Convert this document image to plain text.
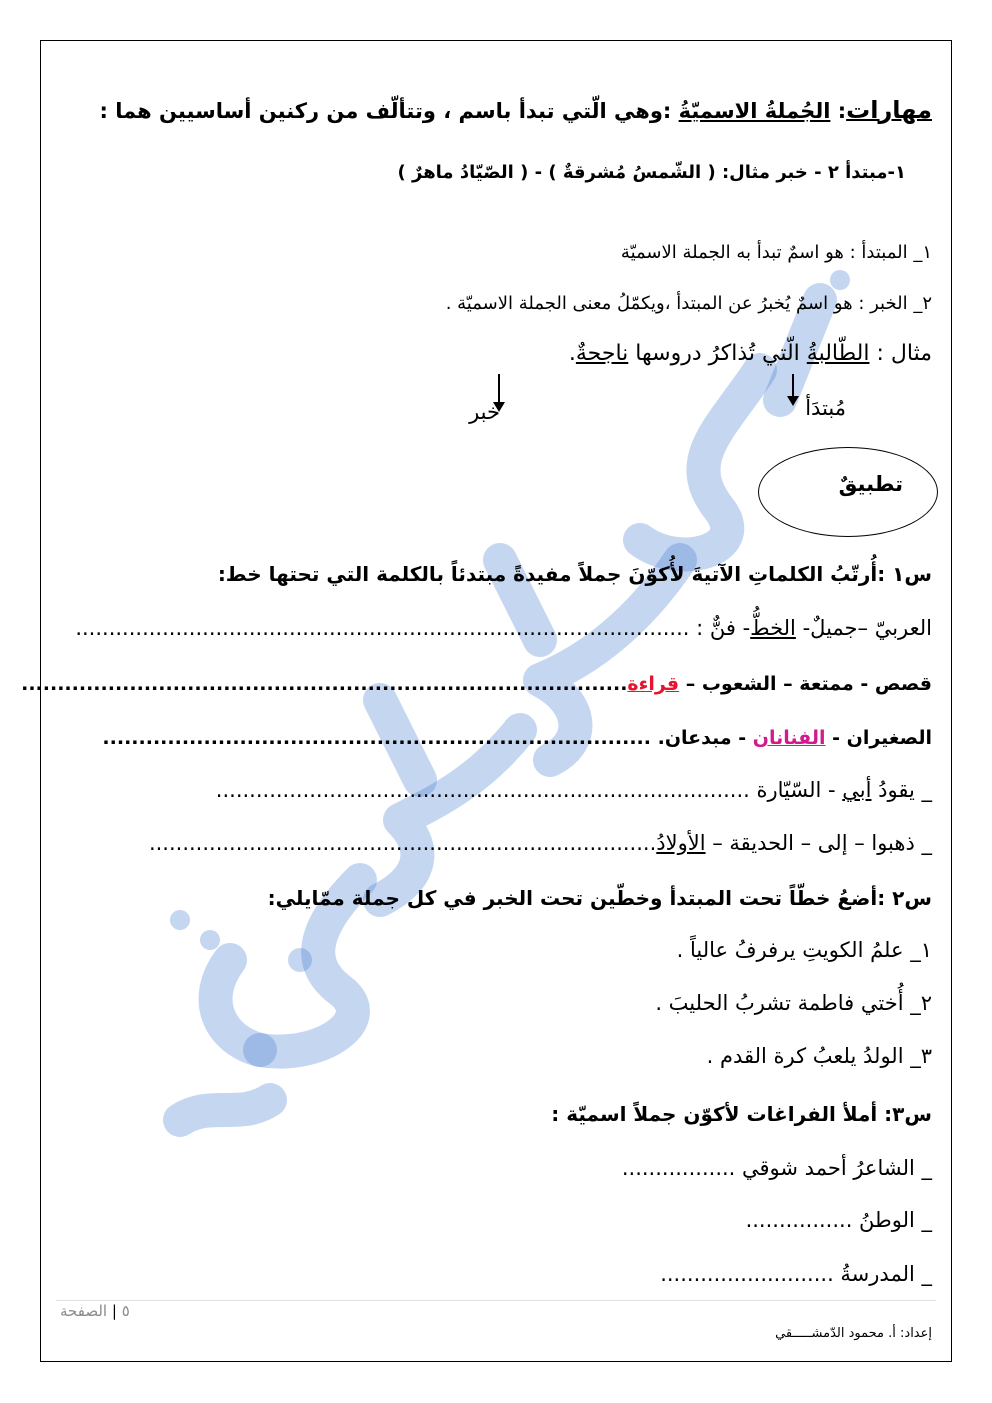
مهارات: الجُملةُ الاسميّةُ :وهي الّتي تبدأ باسم ، وتتألّف من ركنين أساسيين هما :
١-مبتدأ ٢ - خبر مثال: ( الشّمسُ مُشرقةٌ ) - ( الصّيّادُ ماهرٌ )
١_ المبتدأ : هو اسمٌ تبدأ به الجملة الاسميّة
٢_ الخبر : هو اسمٌ يُخبرُ عن المبتدأ ،ويكمّلُ معنى الجملة الاسميّة .
مثال : الطّالبةُ الّتي تُذاكرُ دروسها ناجحةٌ.
مُبتدَأ
خبر
تطبيقٌ
س١ :أُرتّبُ الكلماتِ الآتيةَ لأُكوّنَ جملاً مفيدةً مبتدئاً بالكلمة التي تحتها خط:
العربيّ –جميلٌ- الخطُّ- فنٌّ : ............................................................................................
قصص - ممتعة – الشعوب – قراءة....................................................................................
الصغيران - الفنانان - مبدعان. ............................................................................
_ يقودُ أبي - السّيّارة ................................................................................
_ ذهبوا – إلى – الحديقة – الأولادُ............................................................................
س٢ :أضعُ خطّاً تحت المبتدأ وخطّين تحت الخبر في كل جملة ممّايلي:
١_ علمُ الكويتِ يرفرفُ عالياً .
٢_ أُختي فاطمة تشربُ الحليبَ .
٣_ الولدُ يلعبُ كرة القدم .
س٣: أملأ الفراغات لأكوّن جملاً اسميّة :
_ الشاعرُ أحمد شوقي .................
_ الوطنُ ................
_ المدرسةُ ..........................
٥ | الصفحة
إعداد: أ. محمود الدّمشـــــقي
